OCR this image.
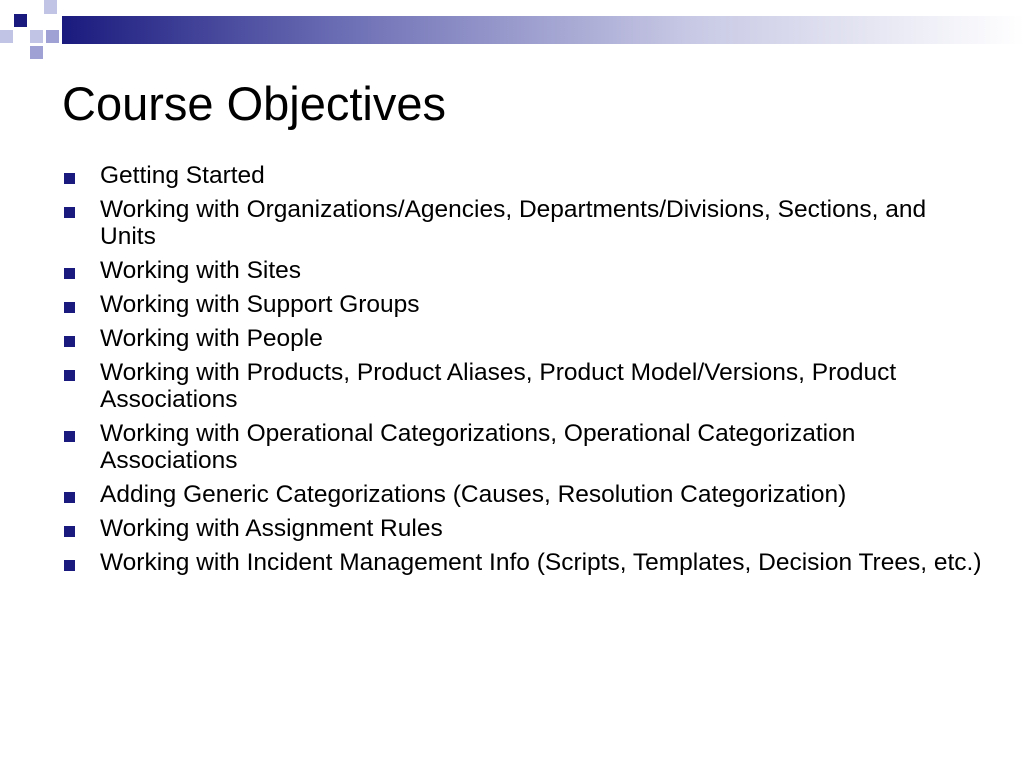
Course Objectives
Getting Started
Working with Organizations/Agencies, Departments/Divisions, Sections, and Units
Working with Sites
Working with Support Groups
Working with People
Working with Products, Product Aliases, Product Model/Versions, Product Associations
Working with Operational Categorizations, Operational Categorization Associations
Adding Generic Categorizations (Causes, Resolution Categorization)
Working with Assignment Rules
Working with Incident Management Info (Scripts, Templates, Decision Trees, etc.)
